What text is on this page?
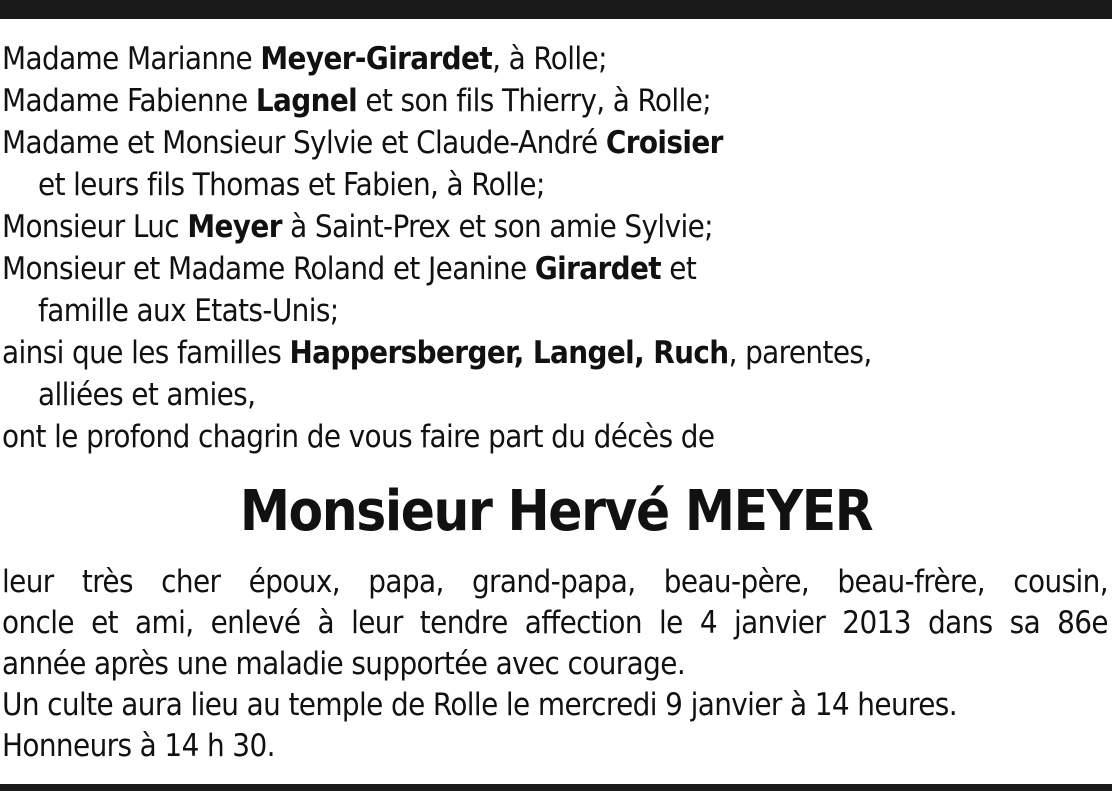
Madame Marianne Meyer-Girardet, à Rolle;
Madame Fabienne Lagnel et son fils Thierry, à Rolle;
Madame et Monsieur Sylvie et Claude-André Croisier
et leurs fils Thomas et Fabien, à Rolle;
Monsieur Luc Meyer à Saint-Prex et son amie Sylvie;
Monsieur et Madame Roland et Jeanine Girardet et
famille aux Etats-Unis;
ainsi que les familles Happersberger, Langel, Ruch, parentes,
alliées et amies,
ont le profond chagrin de vous faire part du décès de
Monsieur Hervé MEYER
leur très cher époux, papa, grand-papa, beau-père, beau-frère, cousin,
oncle et ami, enlevé à leur tendre affection le 4 janvier 2013 dans sa 86e
année après une maladie supportée avec courage.
Un culte aura lieu au temple de Rolle le mercredi 9 janvier à 14 heures.
Honneurs à 14 h 30.
